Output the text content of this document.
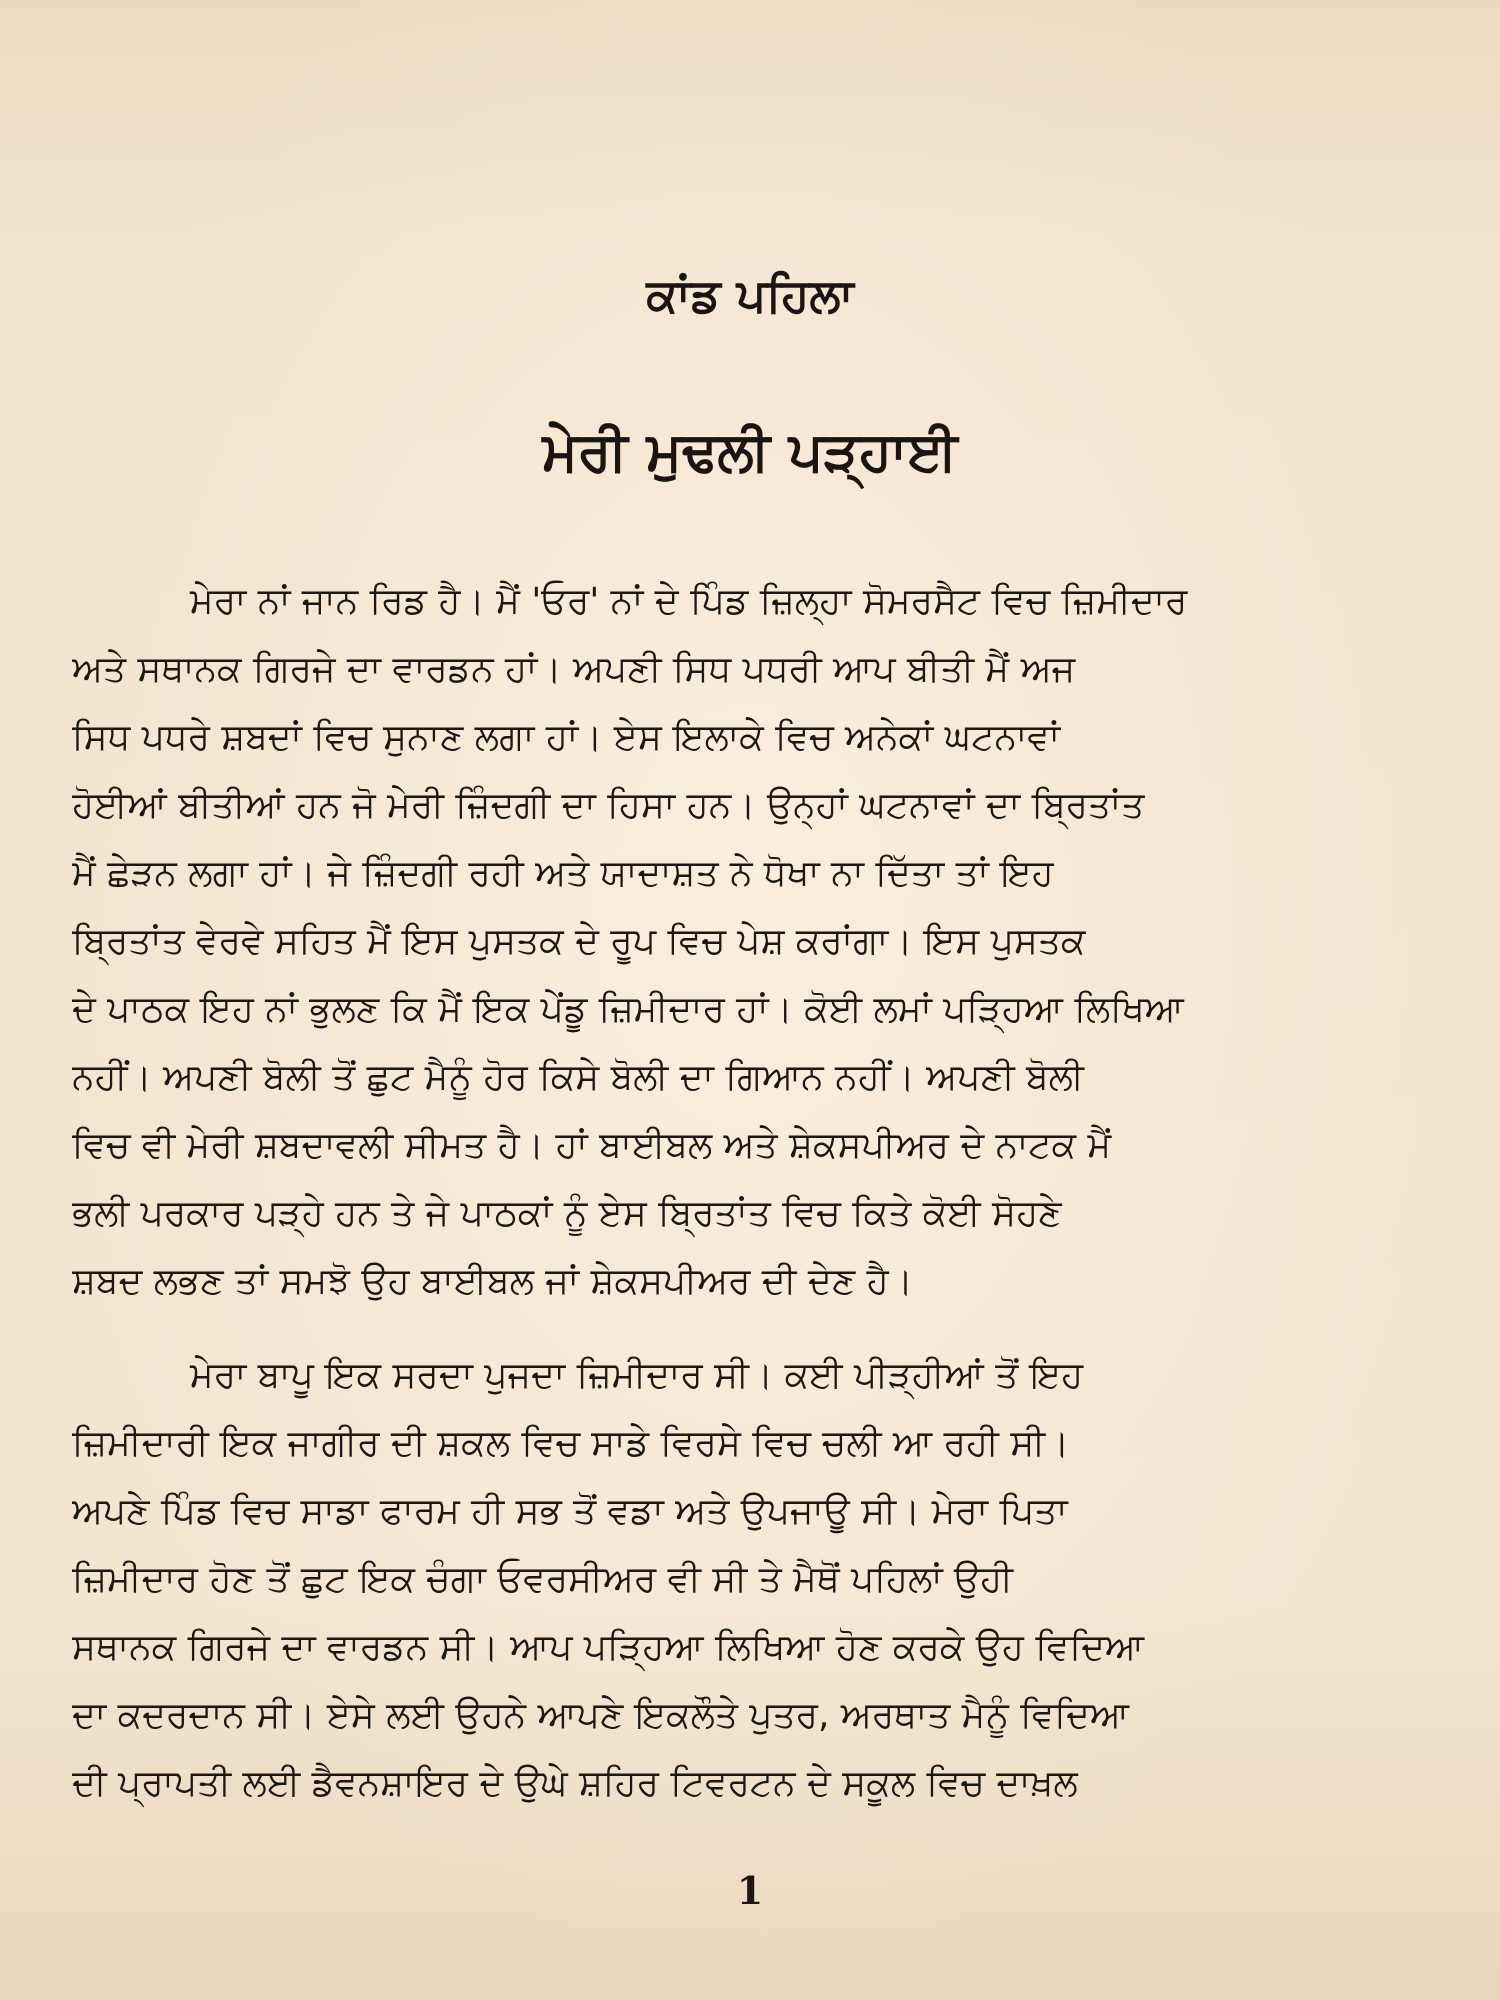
ਕਾਂਡ ਪਹਿਲਾ
ਮੇਰੀ ਮੁਢਲੀ ਪੜ੍ਹਾਈ
ਮੇਰਾ ਨਾਂ ਜਾਨ ਰਿਡ ਹੈ। ਮੈਂ 'ਓਰ' ਨਾਂ ਦੇ ਪਿੰਡ ਜ਼ਿਲ੍ਹਾ ਸੋਮਰਸੈਟ ਵਿਚ ਜ਼ਿਮੀਦਾਰ
ਅਤੇ ਸਥਾਨਕ ਗਿਰਜੇ ਦਾ ਵਾਰਡਨ ਹਾਂ। ਅਪਣੀ ਸਿਧ ਪਧਰੀ ਆਪ ਬੀਤੀ ਮੈਂ ਅਜ
ਸਿਧ ਪਧਰੇ ਸ਼ਬਦਾਂ ਵਿਚ ਸੁਨਾਣ ਲਗਾ ਹਾਂ। ਏਸ ਇਲਾਕੇ ਵਿਚ ਅਨੇਕਾਂ ਘਟਨਾਵਾਂ
ਹੋਈਆਂ ਬੀਤੀਆਂ ਹਨ ਜੋ ਮੇਰੀ ਜ਼ਿੰਦਗੀ ਦਾ ਹਿਸਾ ਹਨ। ਉਨ੍ਹਾਂ ਘਟਨਾਵਾਂ ਦਾ ਬ੍ਰਿਤਾਂਤ
ਮੈਂ ਛੇੜਨ ਲਗਾ ਹਾਂ। ਜੇ ਜ਼ਿੰਦਗੀ ਰਹੀ ਅਤੇ ਯਾਦਾਸ਼ਤ ਨੇ ਧੋਖਾ ਨਾ ਦਿੱਤਾ ਤਾਂ ਇਹ
ਬ੍ਰਿਤਾਂਤ ਵੇਰਵੇ ਸਹਿਤ ਮੈਂ ਇਸ ਪੁਸਤਕ ਦੇ ਰੂਪ ਵਿਚ ਪੇਸ਼ ਕਰਾਂਗਾ। ਇਸ ਪੁਸਤਕ
ਦੇ ਪਾਠਕ ਇਹ ਨਾਂ ਭੁਲਣ ਕਿ ਮੈਂ ਇਕ ਪੇਂਡੂ ਜ਼ਿਮੀਦਾਰ ਹਾਂ। ਕੋਈ ਲਮਾਂ ਪੜ੍ਹਿਆ ਲਿਖਿਆ
ਨਹੀਂ। ਅਪਣੀ ਬੋਲੀ ਤੋਂ ਛੁਟ ਮੈਨੂੰ ਹੋਰ ਕਿਸੇ ਬੋਲੀ ਦਾ ਗਿਆਨ ਨਹੀਂ। ਅਪਣੀ ਬੋਲੀ
ਵਿਚ ਵੀ ਮੇਰੀ ਸ਼ਬਦਾਵਲੀ ਸੀਮਤ ਹੈ। ਹਾਂ ਬਾਈਬਲ ਅਤੇ ਸ਼ੇਕਸਪੀਅਰ ਦੇ ਨਾਟਕ ਮੈਂ
ਭਲੀ ਪਰਕਾਰ ਪੜ੍ਹੇ ਹਨ ਤੇ ਜੇ ਪਾਠਕਾਂ ਨੂੰ ਏਸ ਬ੍ਰਿਤਾਂਤ ਵਿਚ ਕਿਤੇ ਕੋਈ ਸੋਹਣੇ
ਸ਼ਬਦ ਲਭਣ ਤਾਂ ਸਮਝੋ ਉਹ ਬਾਈਬਲ ਜਾਂ ਸ਼ੇਕਸਪੀਅਰ ਦੀ ਦੇਣ ਹੈ।
ਮੇਰਾ ਬਾਪੂ ਇਕ ਸਰਦਾ ਪੁਜਦਾ ਜ਼ਿਮੀਦਾਰ ਸੀ। ਕਈ ਪੀੜ੍ਹੀਆਂ ਤੋਂ ਇਹ
ਜ਼ਿਮੀਦਾਰੀ ਇਕ ਜਾਗੀਰ ਦੀ ਸ਼ਕਲ ਵਿਚ ਸਾਡੇ ਵਿਰਸੇ ਵਿਚ ਚਲੀ ਆ ਰਹੀ ਸੀ।
ਅਪਣੇ ਪਿੰਡ ਵਿਚ ਸਾਡਾ ਫਾਰਮ ਹੀ ਸਭ ਤੋਂ ਵਡਾ ਅਤੇ ਉਪਜਾਊ ਸੀ। ਮੇਰਾ ਪਿਤਾ
ਜ਼ਿਮੀਦਾਰ ਹੋਣ ਤੋਂ ਛੁਟ ਇਕ ਚੰਗਾ ਓਵਰਸੀਅਰ ਵੀ ਸੀ ਤੇ ਮੈਥੋਂ ਪਹਿਲਾਂ ਉਹੀ
ਸਥਾਨਕ ਗਿਰਜੇ ਦਾ ਵਾਰਡਨ ਸੀ। ਆਪ ਪੜ੍ਹਿਆ ਲਿਖਿਆ ਹੋਣ ਕਰਕੇ ਉਹ ਵਿਦਿਆ
ਦਾ ਕਦਰਦਾਨ ਸੀ। ਏਸੇ ਲਈ ਉਹਨੇ ਆਪਣੇ ਇਕਲੌਤੇ ਪੁਤਰ, ਅਰਥਾਤ ਮੈਨੂੰ ਵਿਦਿਆ
ਦੀ ਪ੍ਰਾਪਤੀ ਲਈ ਡੈਵਨਸ਼ਾਇਰ ਦੇ ਉਘੇ ਸ਼ਹਿਰ ਟਿਵਰਟਨ ਦੇ ਸਕੂਲ ਵਿਚ ਦਾਖ਼ਲ
1
